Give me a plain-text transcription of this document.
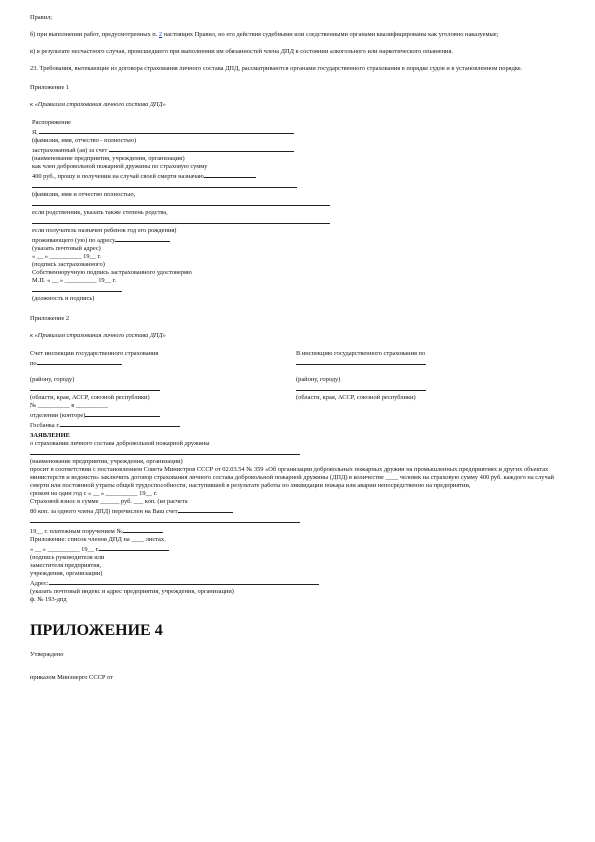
Правил;

б) при выполнении работ, предусмотренных п. 2 настоящих Правил, но его действия судебными или следственными органами квалифицированы как уголовно наказуемые;

в) в результате несчастного случая, происшедшего при выполнении им обязанностей члена ДПД в состоянии алкогольного или наркотического опьянения.

23. Требования, вытекающие из договора страхования личного состава ДПД, рассматриваются органами государственного страхования в порядке судов и в установленном порядке.

Приложение 1

к «Правилам страхования личного состава ДПД»

Распоряжение

Я,

(фамилия, имя, отчество - полностью)

застрахованный (ая) за счет

(наименование предприятия, учреждения, организации)

как член добровольной пожарной дружины по страховую сумму

400 руб., прошу в получении на случай своей смерти назначаю

(фамилия, имя и отчество полностью,

если родственник, указать также степень родства,

если получатель назначен ребенок год его рождения)

проживающего (ую) по адресу

(указать почтовый адрес)

« __ » __________ 19__ г.

(подпись застрахованного)

Собственноручную подпись застрахованного удостоверяю

М.П. « __ » __________ 19__ г.

(должность и подпись)

Приложение 2

к «Правилам страхования личного состава ДПД»

Счет инспекции государственного страхования

по

(району, городу)

(области, края, АССР, союзной республики)

№ __________ в __________

отделении (конторе)

Госбанка г.

В инспекцию государственного страхования по

(району, городу)

(области, края, АССР, союзной республики)

ЗАЯВЛЕНИЕ

о страховании личного состава добровольной пожарной дружины

(наименование предприятия, учреждения, организации)

просит в соответствии с постановлением Совета Министров СССР от 02.03.54 № 359 «Об организации добровольных пожарных дружин на промышленных предприятиях и других объектах министерств и ведомств» заключить договор страхования личного состава добровольной пожарной дружины (ДПД) в количестве ____ человек на страховую сумму 400 руб. каждого на случай смерти или постоянной утраты общей трудоспособности, наступившей в результате работы по ликвидации пожара или аварии непосредственно на предприятии,

сроком на один год с « __ » __________ 19__ г.

Страховой взнос в сумме ______ руб. ___ коп. (из расчета

80 коп. за одного члена ДПД) перечислен на Ваш счет

19__ г. платежным поручением №

Приложение: список членов ДПД на ____ листах.

« __ » __________ 19__ г.

(подпись руководителя или

заместителя предприятия,

учреждения, организации)

Адрес:

(указать почтовый индекс и адрес предприятия, учреждения, организации)

ф. № 193-дпд

ПРИЛОЖЕНИЕ 4

Утверждено

приказом Минэнерго СССР от
